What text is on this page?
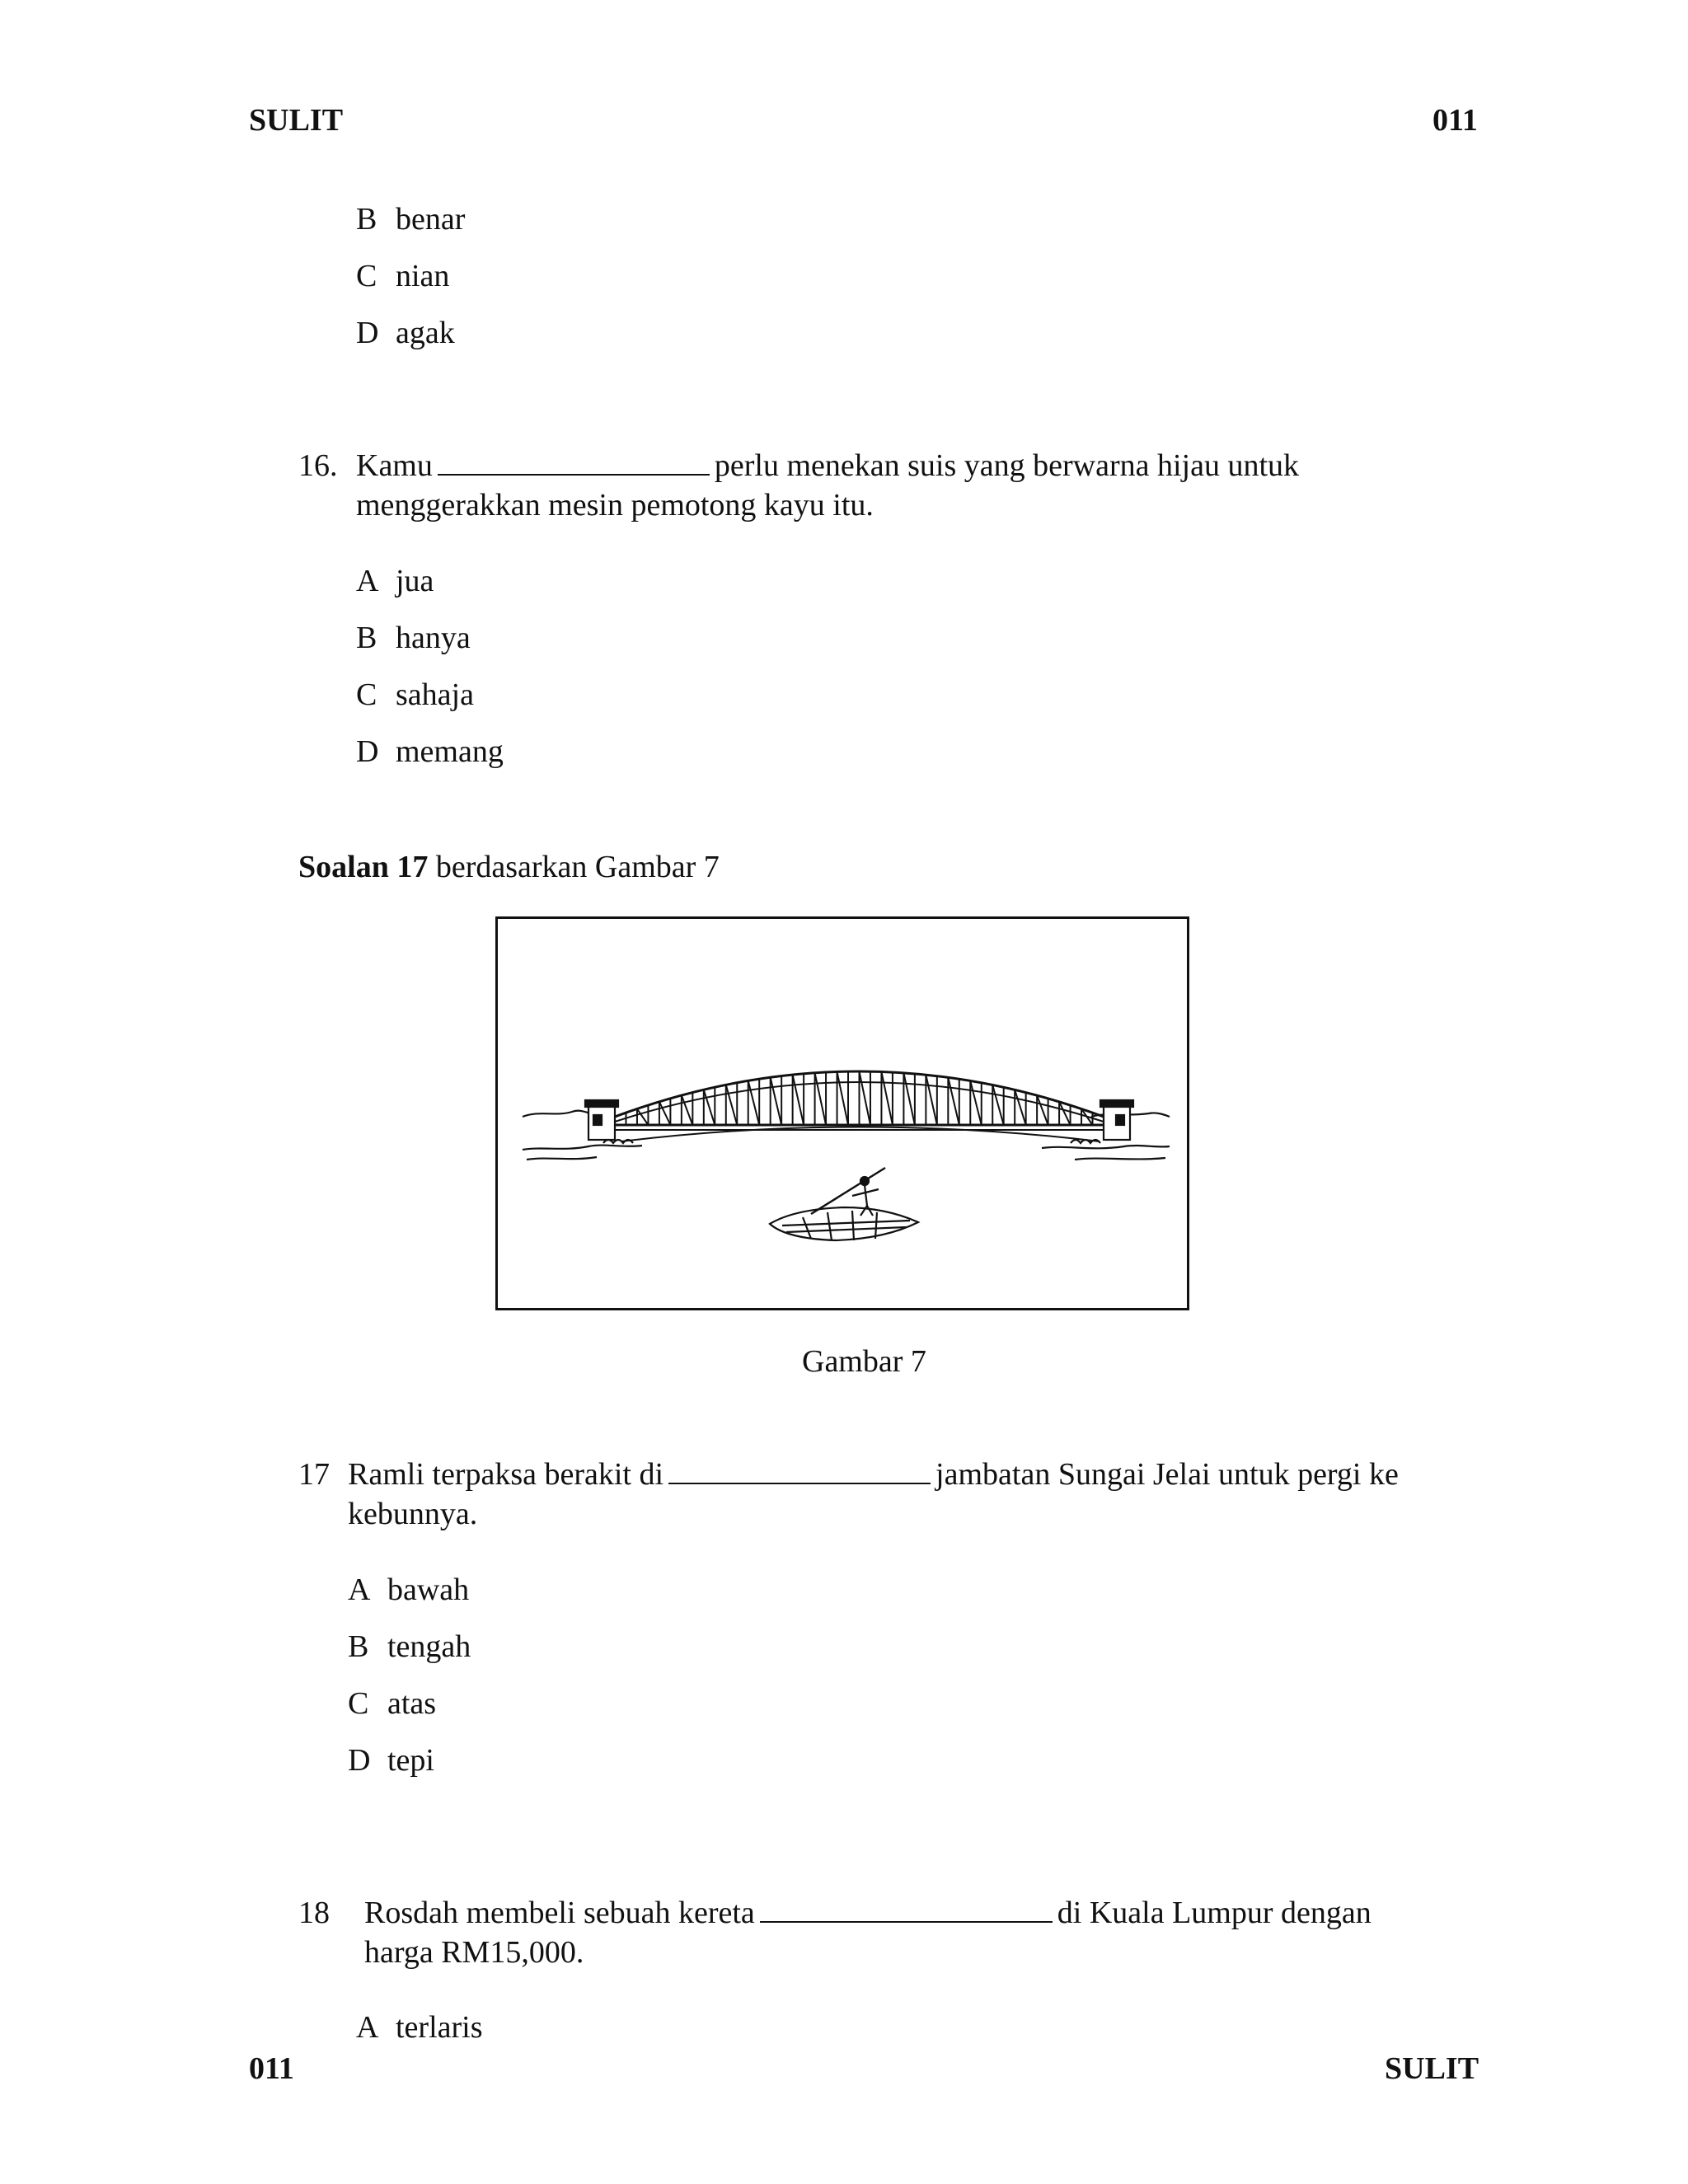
SULIT	011
B benar
C nian
D agak
16. Kamu	perlu menekan suis yang berwarna hijau untuk
menggerakkan mesin pemotong kayu itu.
A jua
B hanya
C sahaja
D memang
Soalan 17 berdasarkan Gambar 7
Gambar 7
17 Ramli terpaksa berakit di	jambatan Sungai Jelai untuk pergi ke
kebunnya.
A bawah
B tengah
C atas
D tepi
18 Rosdah membeli sebuah kereta	di Kuala Lumpur dengan
harga RM15,000.
A terlaris
011	SULIT
